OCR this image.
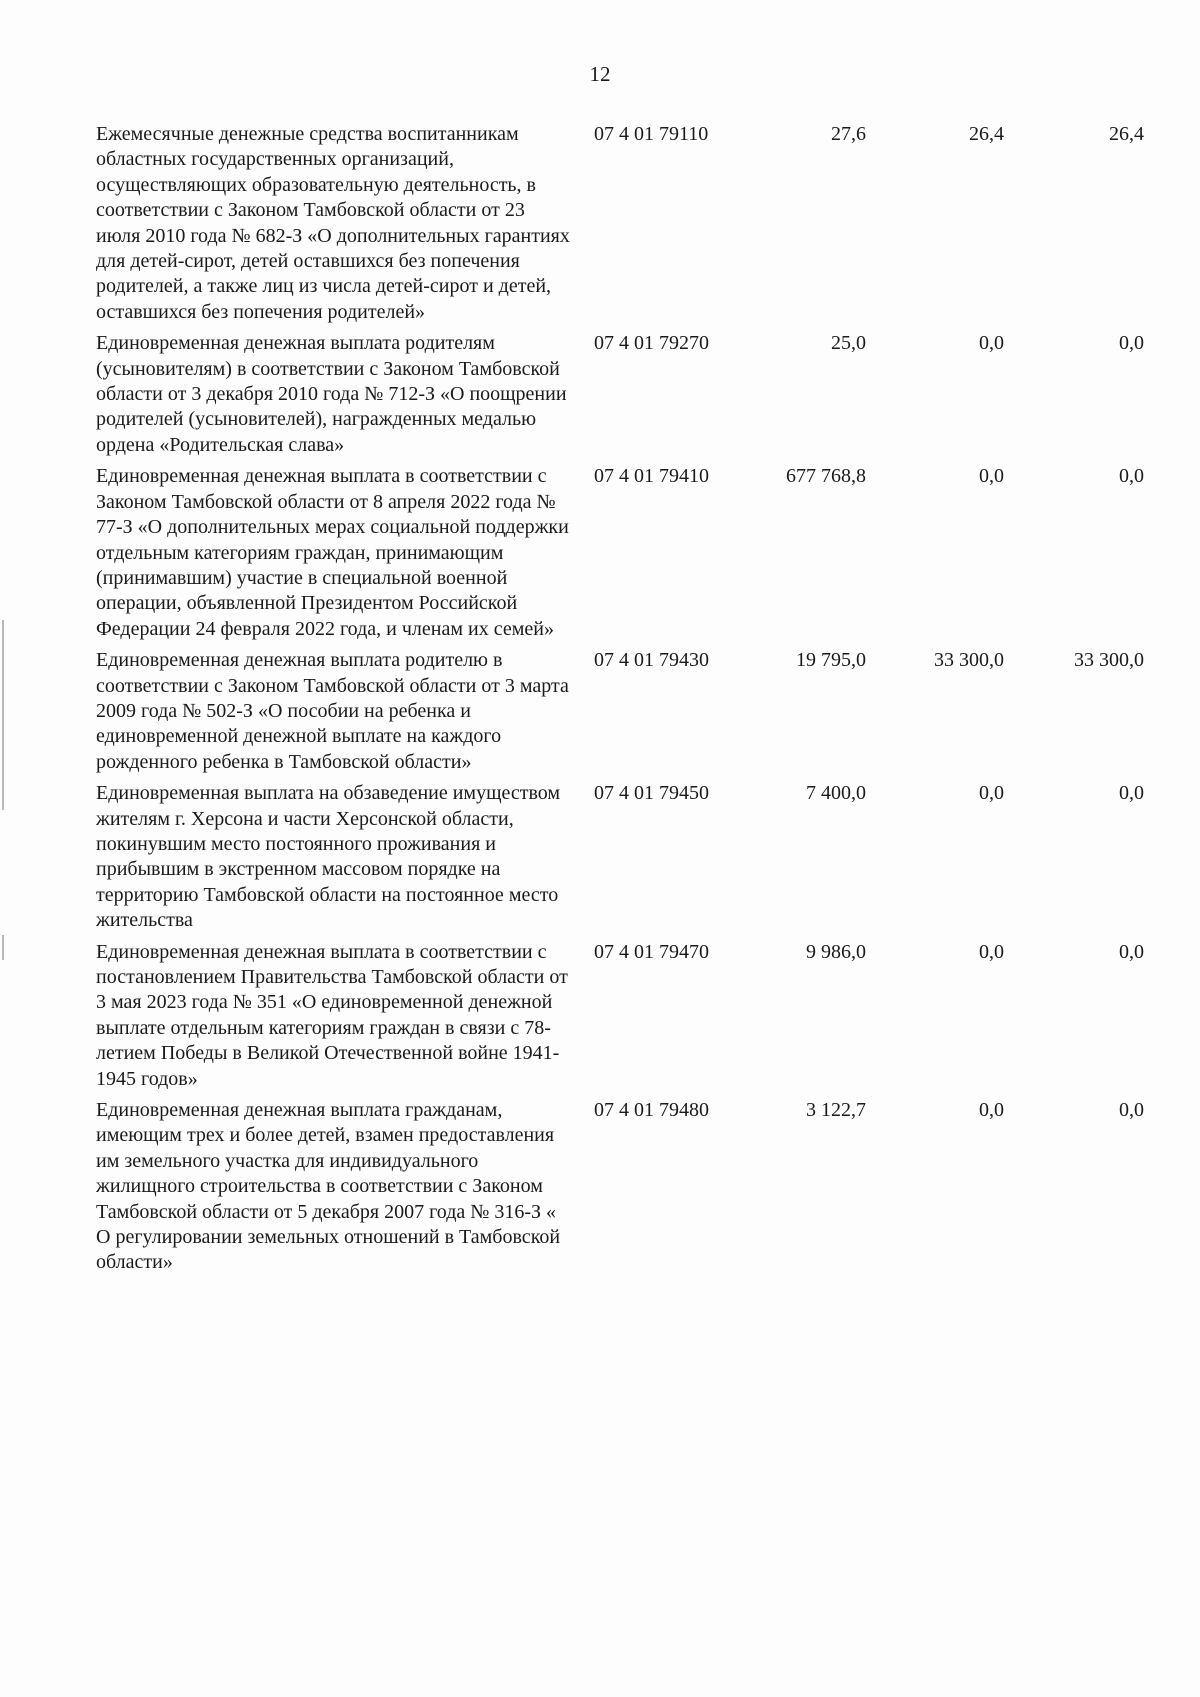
12
Ежемесячные денежные средства воспитанникам областных государственных организаций, осуществляющих образовательную деятельность, в соответствии с Законом Тамбовской области от 23 июля 2010 года № 682-З «О дополнительных гарантиях для детей-сирот, детей оставшихся без попечения родителей, а также лиц из числа детей-сирот и детей, оставшихся без попечения родителей»
07 4 01 79110	27,6	26,4	26,4
Единовременная денежная выплата родителям (усыновителям) в соответствии с Законом Тамбовской области от 3 декабря 2010 года № 712-З «О поощрении родителей (усыновителей), награжденных медалью ордена «Родительская слава»
07 4 01 79270	25,0	0,0	0,0
Единовременная денежная выплата в соответствии с Законом Тамбовской области от 8 апреля 2022 года № 77-З «О дополнительных мерах социальной поддержки отдельным категориям граждан, принимающим (принимавшим) участие в специальной военной операции, объявленной Президентом Российской Федерации 24 февраля 2022 года, и членам их семей»
07 4 01 79410	677 768,8	0,0	0,0
Единовременная денежная выплата родителю в соответствии с Законом Тамбовской области от 3 марта 2009 года № 502-З «О пособии на ребенка и единовременной денежной выплате на каждого рожденного ребенка в Тамбовской области»
07 4 01 79430	19 795,0	33 300,0	33 300,0
Единовременная выплата на обзаведение имуществом жителям г. Херсона и части Херсонской области, покинувшим место постоянного проживания и прибывшим в экстренном массовом порядке на территорию Тамбовской области на постоянное место жительства
07 4 01 79450	7 400,0	0,0	0,0
Единовременная денежная выплата в соответствии с постановлением Правительства Тамбовской области от 3 мая 2023 года № 351 «О единовременной денежной выплате отдельным категориям граждан в связи с 78-летием Победы в Великой Отечественной войне 1941-1945 годов»
07 4 01 79470	9 986,0	0,0	0,0
Единовременная денежная выплата гражданам, имеющим трех и более детей, взамен предоставления им земельного участка для индивидуального жилищного строительства в соответствии с Законом Тамбовской области от 5 декабря 2007 года № 316-З « О регулировании земельных отношений в Тамбовской области»
07 4 01 79480	3 122,7	0,0	0,0
